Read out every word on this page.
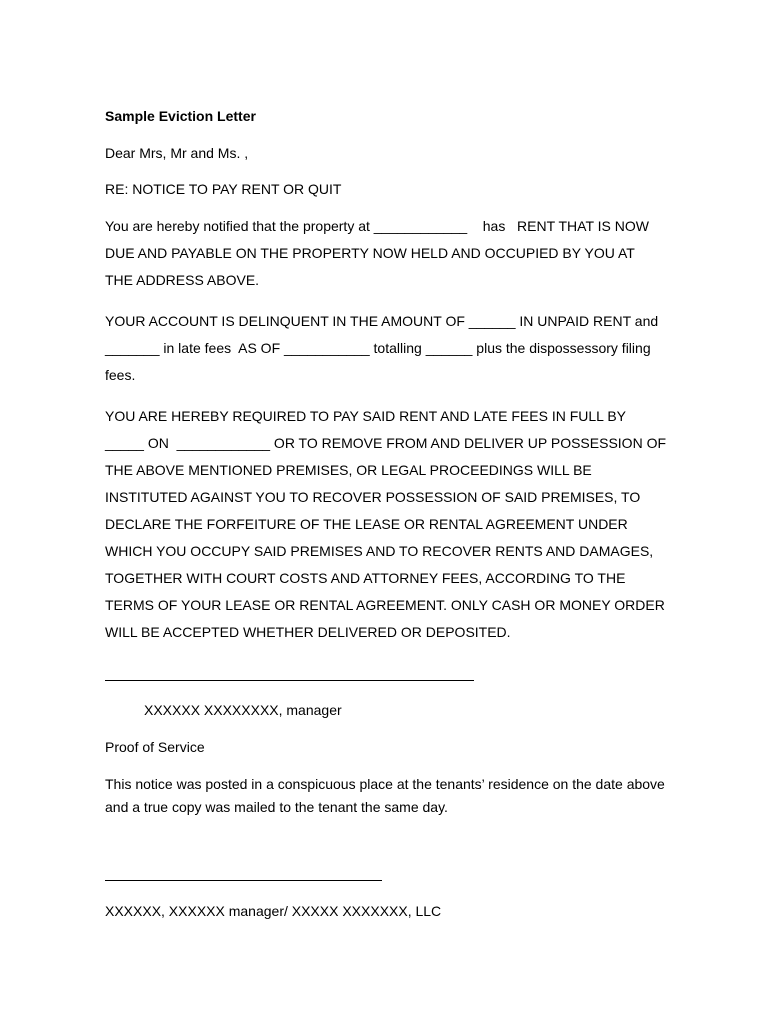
Sample Eviction Letter
Dear Mrs, Mr and Ms. ,
RE: NOTICE TO PAY RENT OR QUIT
You are hereby notified that the property at ____________    has   RENT THAT IS NOW
DUE AND PAYABLE ON THE PROPERTY NOW HELD AND OCCUPIED BY YOU AT
THE ADDRESS ABOVE.
YOUR ACCOUNT IS DELINQUENT IN THE AMOUNT OF ______ IN UNPAID RENT and
_______ in late fees  AS OF ___________ totalling ______ plus the dispossessory filing
fees.
YOU ARE HEREBY REQUIRED TO PAY SAID RENT AND LATE FEES IN FULL BY
_____ ON  ____________ OR TO REMOVE FROM AND DELIVER UP POSSESSION OF
THE ABOVE MENTIONED PREMISES, OR LEGAL PROCEEDINGS WILL BE
INSTITUTED AGAINST YOU TO RECOVER POSSESSION OF SAID PREMISES, TO
DECLARE THE FORFEITURE OF THE LEASE OR RENTAL AGREEMENT UNDER
WHICH YOU OCCUPY SAID PREMISES AND TO RECOVER RENTS AND DAMAGES,
TOGETHER WITH COURT COSTS AND ATTORNEY FEES, ACCORDING TO THE
TERMS OF YOUR LEASE OR RENTAL AGREEMENT. ONLY CASH OR MONEY ORDER
WILL BE ACCEPTED WHETHER DELIVERED OR DEPOSITED.
XXXXXX XXXXXXXX, manager
Proof of Service
This notice was posted in a conspicuous place at the tenants’ residence on the date above
and a true copy was mailed to the tenant the same day.
XXXXXX, XXXXXX manager/ XXXXX XXXXXXX, LLC
